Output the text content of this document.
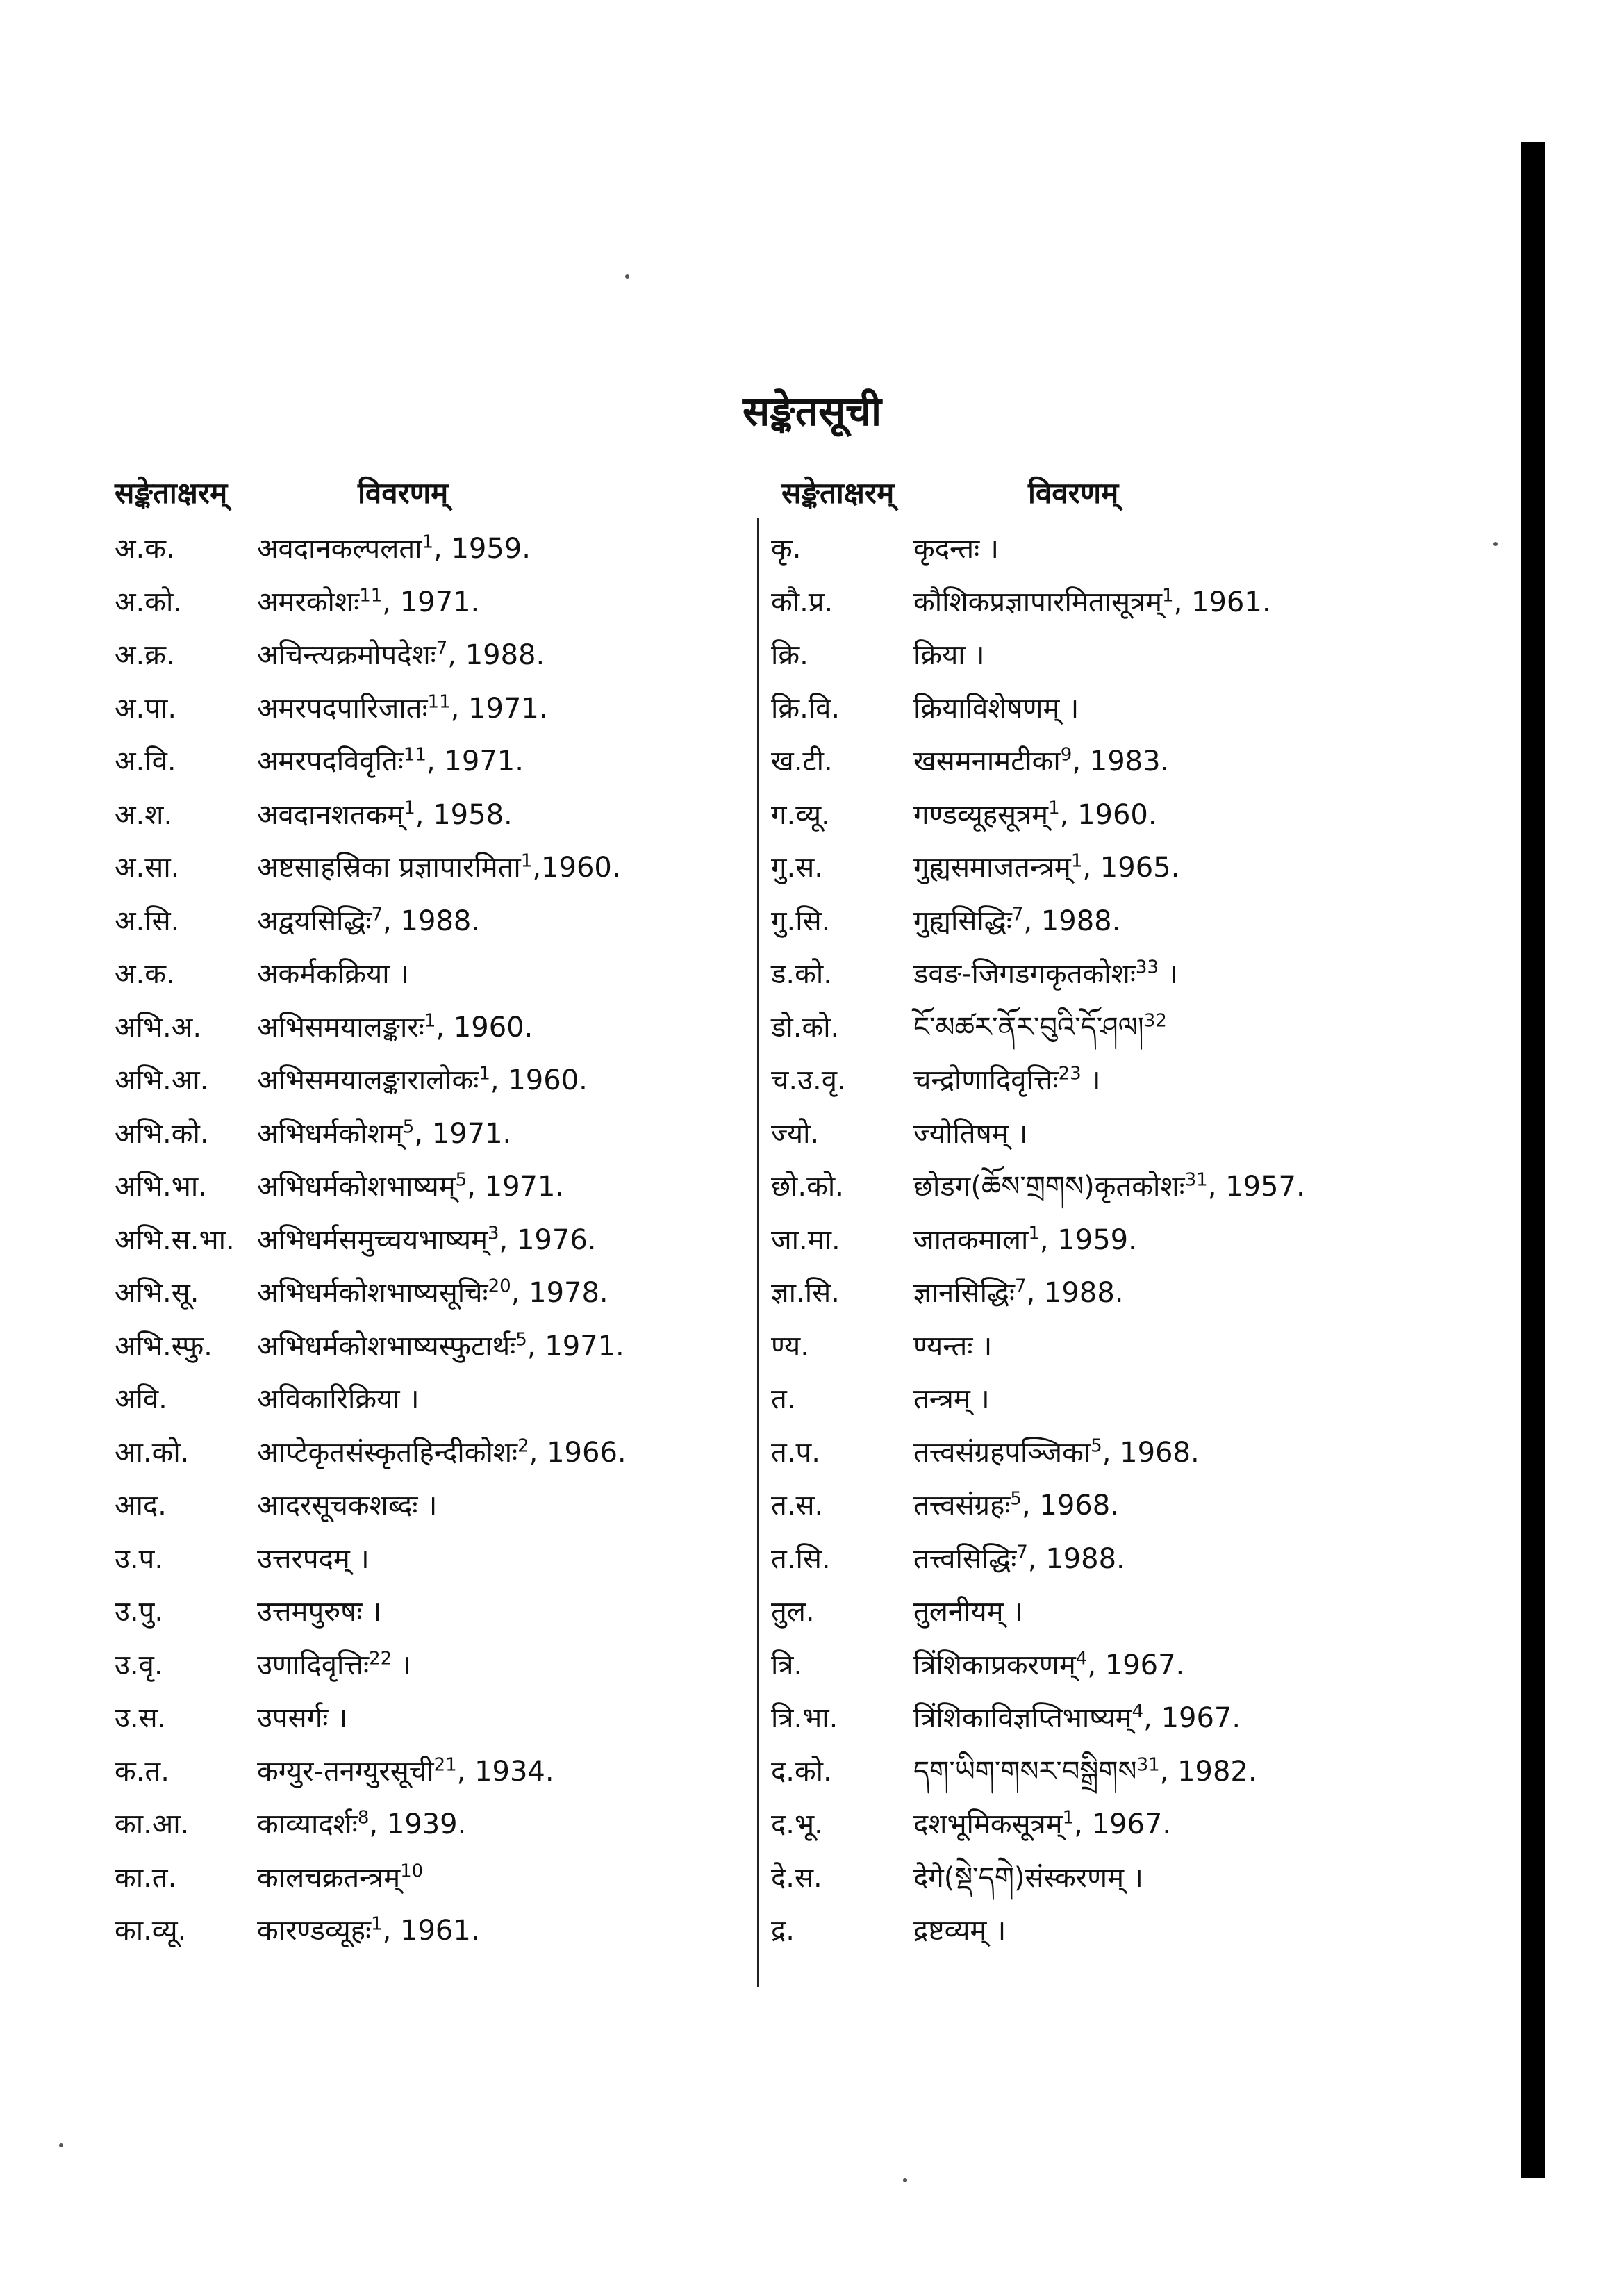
सङ्केतसूची
सङ्केताक्षरम्	विवरणम्	सङ्केताक्षरम्	विवरणम्
अ.क.	अवदानकल्पलता$^1$, 1959.
अ.को.	अमरकोशः$^{11}$, 1971.
अ.क्र.	अचिन्त्यक्रमोपदेशः$^7$, 1988.
अ.पा.	अमरपदपारिजातः$^{11}$, 1971.
अ.वि.	अमरपदविवृतिः$^{11}$, 1971.
अ.श.	अवदानशतकम्$^1$, 1958.
अ.सा.	अष्टसाहस्रिका प्रज्ञापारमिता$^1$,1960.
अ.सि.	अद्वयसिद्धिः$^7$, 1988.
अ.क.	अकर्मकक्रिया ।
अभि.अ. अभिसमयालङ्कारः$^1$, 1960.
अभि.आ. अभिसमयालङ्कारालोकः$^1$, 1960.
अभि.को. अभिधर्मकोशम्$^5$, 1971.
अभि.भा. अभिधर्मकोशभाष्यम्$^5$, 1971.
अभि.स.भा. अभिधर्मसमुच्चयभाष्यम्$^3$, 1976.
अभि.सू. अभिधर्मकोशभाष्यसूचिः$^{20}$, 1978.
अभि.स्फु. अभिधर्मकोशभाष्यस्फुटार्थः$^5$, 1971.
अवि.	अविकारिक्रिया ।
आ.को. आप्टेकृतसंस्कृतहिन्दीकोशः$^2$, 1966.
आद.	आदरसूचकशब्दः ।
उ.प.	उत्तरपदम् ।
उ.पु.	उत्तमपुरुषः ।
उ.वृ.	उणादिवृत्तिः$^{22}$ ।
उ.स.	उपसर्गः ।
क.त.	कग्युर-तनग्युरसूची$^{21}$, 1934.
का.आ. काव्यादर्शः$^8$, 1939.
का.त.	कालचक्रतन्त्रम्$^{10}$
का.व्यू.	कारण्डव्यूहः$^1$, 1961.
कृ.	कृदन्तः ।
कौ.प्र.	कौशिकप्रज्ञापारमितासूत्रम्$^1$, 1961.
क्रि.	क्रिया ।
क्रि.वि.	क्रियाविशेषणम् ।
ख.टी.	खसमनामटीका$^9$, 1983.
ग.व्यू.	गण्डव्यूहसूत्रम्$^1$, 1960.
गु.स.	गुह्यसमाजतन्त्रम्$^1$, 1965.
गु.सि.	गुह्यसिद्धिः$^7$, 1988.
ड.को.	डवङ-जिगडगकृतकोशः$^{33}$ ।
डो.को.	ངོ་མཚར་ནོར་བུའི་དོ་ཤལ།$^{32}$
च.उ.वृ. चन्द्रोणादिवृत्तिः$^{23}$ ।
ज्यो.	ज्योतिषम् ।
छो.को.	छोडग(ཆོས་གྲགས)कृतकोशः$^{31}$, 1957.
जा.मा.	जातकमाला$^1$, 1959.
ज्ञा.सि.	ज्ञानसिद्धिः$^7$, 1988.
ण्य.	ण्यन्तः ।
त.	तन्त्रम् ।
त.प.	तत्त्वसंग्रहपञ्जिका$^5$, 1968.
त.स.	तत्त्वसंग्रहः$^5$, 1968.
त.सि.	तत्त्वसिद्धिः$^7$, 1988.
तुल.	तुलनीयम् ।
त्रि.	त्रिंशिकाप्रकरणम्$^4$, 1967.
त्रि.भा.	त्रिंशिकाविज्ञप्तिभाष्यम्$^4$, 1967.
द.को.	དག་ཡིག་གསར་བསྒྲིགས$^{31}$, 1982.
द.भू.	दशभूमिकसूत्रम्$^1$, 1967.
दे.स.	देगे(སྡེ་དགེ)संस्करणम् ।
द्र.	द्रष्टव्यम् ।
